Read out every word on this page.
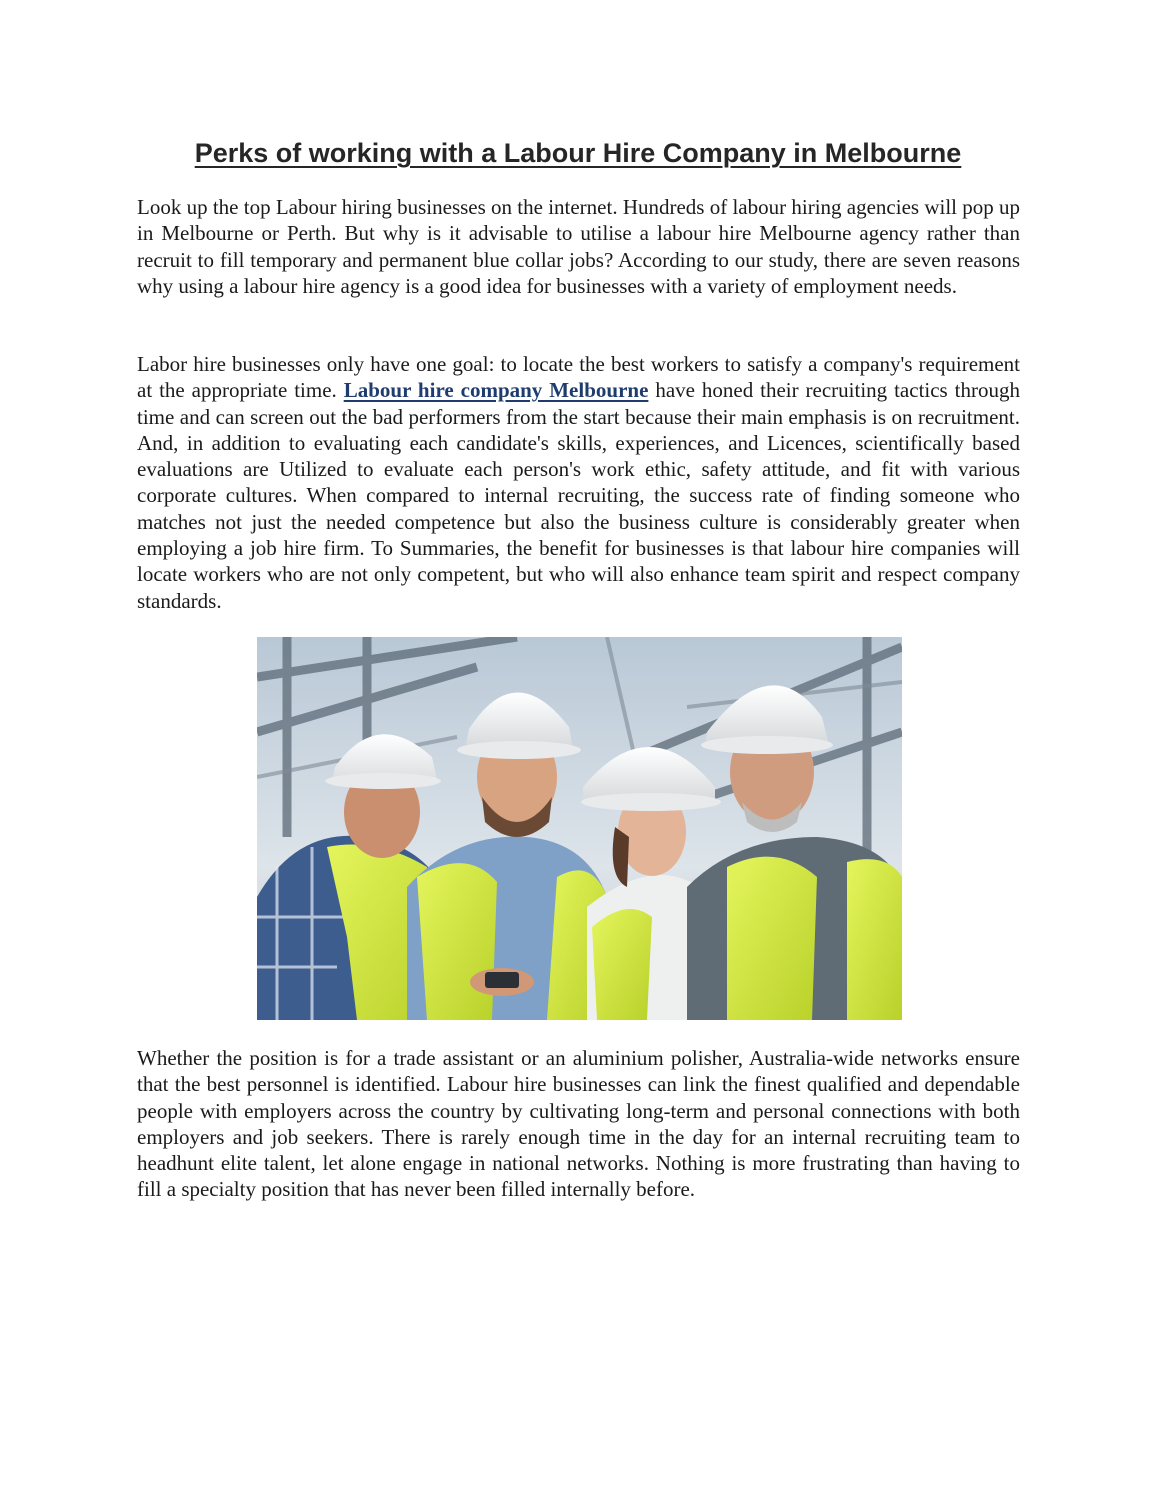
Perks of working with a Labour Hire Company in Melbourne

Look up the top Labour hiring businesses on the internet. Hundreds of labour hiring agencies will pop up in Melbourne or Perth. But why is it advisable to utilise a labour hire Melbourne agency rather than recruit to fill temporary and permanent blue collar jobs? According to our study, there are seven reasons why using a labour hire agency is a good idea for businesses with a variety of employment needs.

Labor hire businesses only have one goal: to locate the best workers to satisfy a company's requirement at the appropriate time. Labour hire company Melbourne have honed their recruiting tactics through time and can screen out the bad performers from the start because their main emphasis is on recruitment. And, in addition to evaluating each candidate's skills, experiences, and Licences, scientifically based evaluations are Utilized to evaluate each person's work ethic, safety attitude, and fit with various corporate cultures. When compared to internal recruiting, the success rate of finding someone who matches not just the needed competence but also the business culture is considerably greater when employing a job hire firm. To Summaries, the benefit for businesses is that labour hire companies will locate workers who are not only competent, but who will also enhance team spirit and respect company standards.

Whether the position is for a trade assistant or an aluminium polisher, Australia-wide networks ensure that the best personnel is identified. Labour hire businesses can link the finest qualified and dependable people with employers across the country by cultivating long-term and personal connections with both employers and job seekers. There is rarely enough time in the day for an internal recruiting team to headhunt elite talent, let alone engage in national networks. Nothing is more frustrating than having to fill a specialty position that has never been filled internally before.
